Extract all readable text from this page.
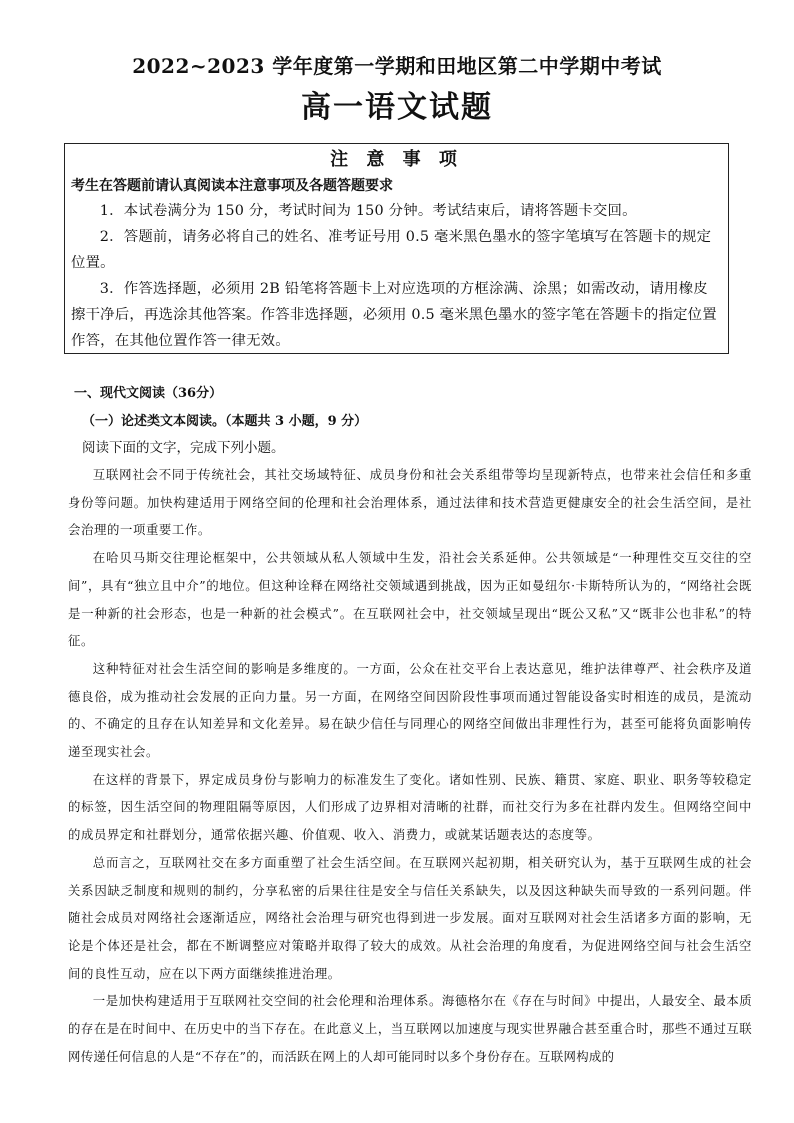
2022~2023 学年度第一学期和田地区第二中学期中考试
高一语文试题
注 意 事 项
考生在答题前请认真阅读本注意事项及各题答题要求

1．本试卷满分为 150 分，考试时间为 150 分钟。考试结束后，请将答题卡交回。

2．答题前，请务必将自己的姓名、准考证号用 0.5 毫米黑色墨水的签字笔填写在答题卡的规定位置。

3．作答选择题，必须用 2B 铅笔将答题卡上对应选项的方框涂满、涂黑；如需改动，请用橡皮擦干净后，再选涂其他答案。作答非选择题，必须用 0.5 毫米黑色墨水的签字笔在答题卡的指定位置作答，在其他位置作答一律无效。

一、现代文阅读（36分）

（一）论述类文本阅读。（本题共 3 小题，9 分）

阅读下面的文字，完成下列小题。

互联网社会不同于传统社会，其社交场域特征、成员身份和社会关系组带等均呈现新特点，也带来社会信任和多重身份等问题。加快构建适用于网络空间的伦理和社会治理体系，通过法律和技术营造更健康安全的社会生活空间，是社会治理的一项重要工作。

在哈贝马斯交往理论框架中，公共领域从私人领域中生发，沿社会关系延伸。公共领域是“一种理性交互交往的空间”，具有“独立且中介”的地位。但这种诠释在网络社交领域遇到挑战，因为正如曼纽尔·卡斯特所认为的，“网络社会既是一种新的社会形态，也是一种新的社会模式”。在互联网社会中，社交领域呈现出“既公又私”又“既非公也非私”的特征。

这种特征对社会生活空间的影响是多维度的。一方面，公众在社交平台上表达意见，维护法律尊严、社会秩序及道德良俗，成为推动社会发展的正向力量。另一方面，在网络空间因阶段性事项而通过智能设备实时相连的成员，是流动的、不确定的且存在认知差异和文化差异。易在缺少信任与同理心的网络空间做出非理性行为，甚至可能将负面影响传递至现实社会。

在这样的背景下，界定成员身份与影响力的标准发生了变化。诸如性别、民族、籍贯、家庭、职业、职务等较稳定的标签，因生活空间的物理阻隔等原因，人们形成了边界相对清晰的社群，而社交行为多在社群内发生。但网络空间中的成员界定和社群划分，通常依据兴趣、价值观、收入、消费力，或就某话题表达的态度等。

总而言之，互联网社交在多方面重塑了社会生活空间。在互联网兴起初期，相关研究认为，基于互联网生成的社会关系因缺乏制度和规则的制约，分享私密的后果往往是安全与信任关系缺失，以及因这种缺失而导致的一系列问题。伴随社会成员对网络社会逐渐适应，网络社会治理与研究也得到进一步发展。面对互联网对社会生活诸多方面的影响，无论是个体还是社会，都在不断调整应对策略并取得了较大的成效。从社会治理的角度看，为促进网络空间与社会生活空间的良性互动，应在以下两方面继续推进治理。

一是加快构建适用于互联网社交空间的社会伦理和治理体系。海德格尔在《存在与时间》中提出，人最安全、最本质的存在是在时间中、在历史中的当下存在。在此意义上，当互联网以加速度与现实世界融合甚至重合时，那些不通过互联网传递任何信息的人是“不存在”的，而活跃在网上的人却可能同时以多个身份存在。互联网构成的
